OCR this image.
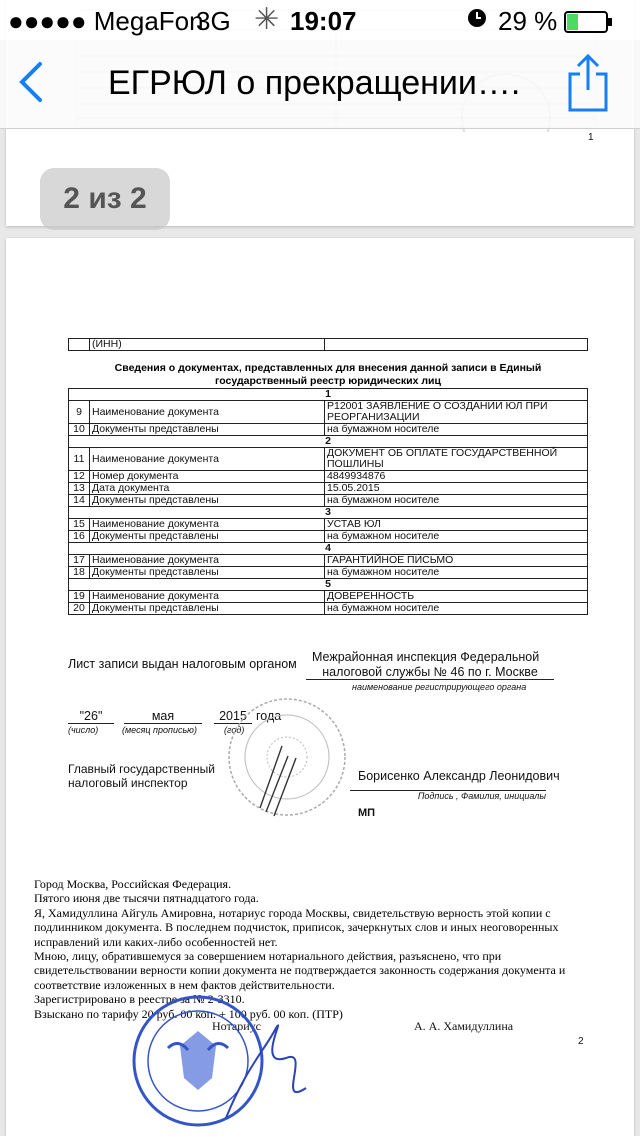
●●●●● MegaFon
3G ✳ 19:07	29 %
1
ЕГРЮЛ о прекращении….
2 из 2
	(ИНН)	
Сведения о документах, представленных для внесения данной записи в Единый государственный реестр юридических лиц
1		
9	Наименование документа	Р12001 ЗАЯВЛЕНИЕ О СОЗДАНИИ ЮЛ ПРИ РЕОРГАНИЗАЦИИ
10	Документы представлены	на бумажном носителе
2		
11	Наименование документа	ДОКУМЕНТ ОБ ОПЛАТЕ ГОСУДАРСТВЕННОЙ ПОШЛИНЫ
12	Номер документа	4849934876
13	Дата документа	15.05.2015
14	Документы представлены	на бумажном носителе
3		
15	Наименование документа	УСТАВ ЮЛ
16	Документы представлены	на бумажном носителе
4		
17	Наименование документа	ГАРАНТИЙНОЕ ПИСЬМО
18	Документы представлены	на бумажном носителе
5		
19	Наименование документа	ДОВЕРЕННОСТЬ
20	Документы представлены	на бумажном носителе
Лист записи выдан налоговым органом Межрайонная инспекция Федеральной
налоговой службы № 46 по г. Москве
наименование регистрирующего органа
"26"	мая	2015 года
(число)	(месяц прописью)	(год)
Главный государственный
налоговый инспектор	Борисенко Александр Леонидович
Подпись , Фамилия, инициалы
МП
Город Москва, Российская Федерация.
Пятого июня две тысячи пятнадцатого года.
Я, Хамидуллина Айгуль Амировна, нотариус города Москвы, свидетельствую верность этой копии с
подлинником документа. В последнем подчисток, приписок, зачеркнутых слов и иных неоговоренных
исправлений или каких-либо особенностей нет.
Мною, лицу, обратившемуся за совершением нотариального действия, разъяснено, что при
свидетельствовании верности копии документа не подтверждается законность содержания документа и
соответствие изложенных в нем фактов действительности.
Зарегистрировано в реестре за № 2-3310.
Взыскано по тарифу 20 руб. 00 коп. + 100 руб. 00 коп. (ПТР)
Нотариус	А. А. Хамидуллина
2
